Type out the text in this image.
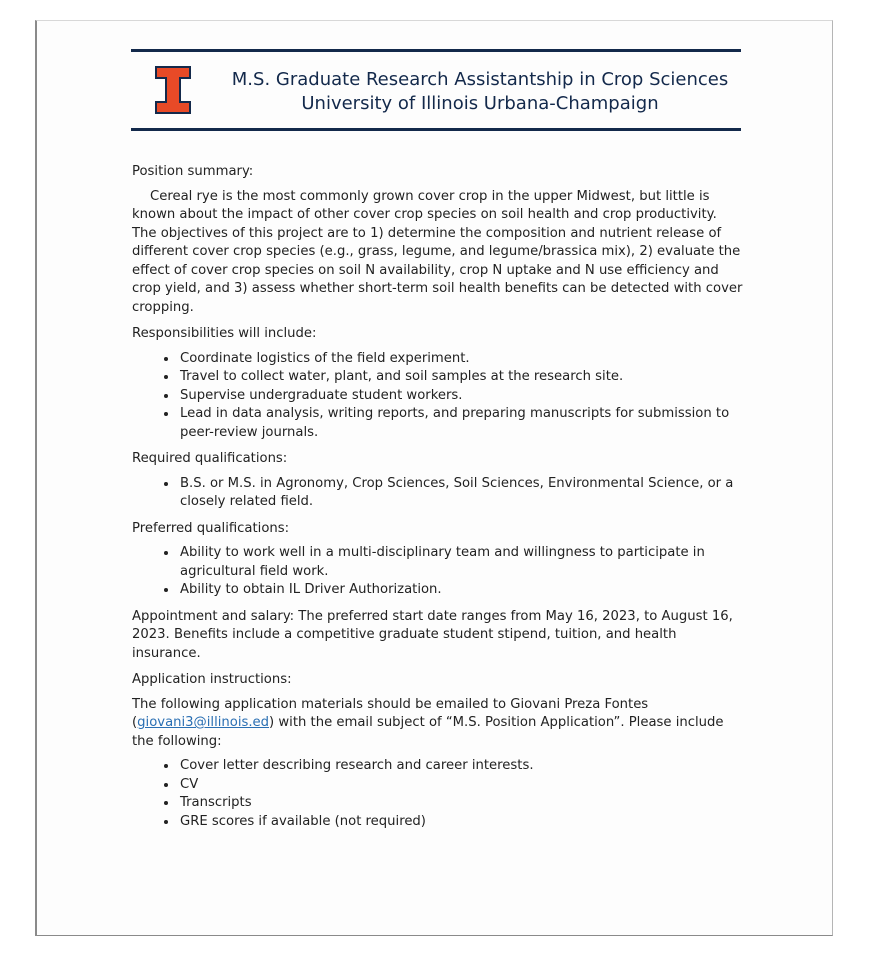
M.S. Graduate Research Assistantship in Crop Sciences
University of Illinois Urbana-Champaign
Position summary:

Cereal rye is the most commonly grown cover crop in the upper Midwest, but little is known about the impact of other cover crop species on soil health and crop productivity. The objectives of this project are to 1) determine the composition and nutrient release of different cover crop species (e.g., grass, legume, and legume/brassica mix), 2) evaluate the effect of cover crop species on soil N availability, crop N uptake and N use efficiency and crop yield, and 3) assess whether short-term soil health benefits can be detected with cover cropping.

Responsibilities will include:
• Coordinate logistics of the field experiment.
• Travel to collect water, plant, and soil samples at the research site.
• Supervise undergraduate student workers.
• Lead in data analysis, writing reports, and preparing manuscripts for submission to peer-review journals.
Required qualifications:
• B.S. or M.S. in Agronomy, Crop Sciences, Soil Sciences, Environmental Science, or a closely related field.
Preferred qualifications:
• Ability to work well in a multi-disciplinary team and willingness to participate in agricultural field work.
• Ability to obtain IL Driver Authorization.

Appointment and salary: The preferred start date ranges from May 16, 2023, to August 16, 2023. Benefits include a competitive graduate student stipend, tuition, and health insurance.

Application instructions:

The following application materials should be emailed to Giovani Preza Fontes (giovani3@illinois.ed) with the email subject of “M.S. Position Application”. Please include the following:

• Cover letter describing research and career interests.
• CV
• Transcripts
• GRE scores if available (not required)
